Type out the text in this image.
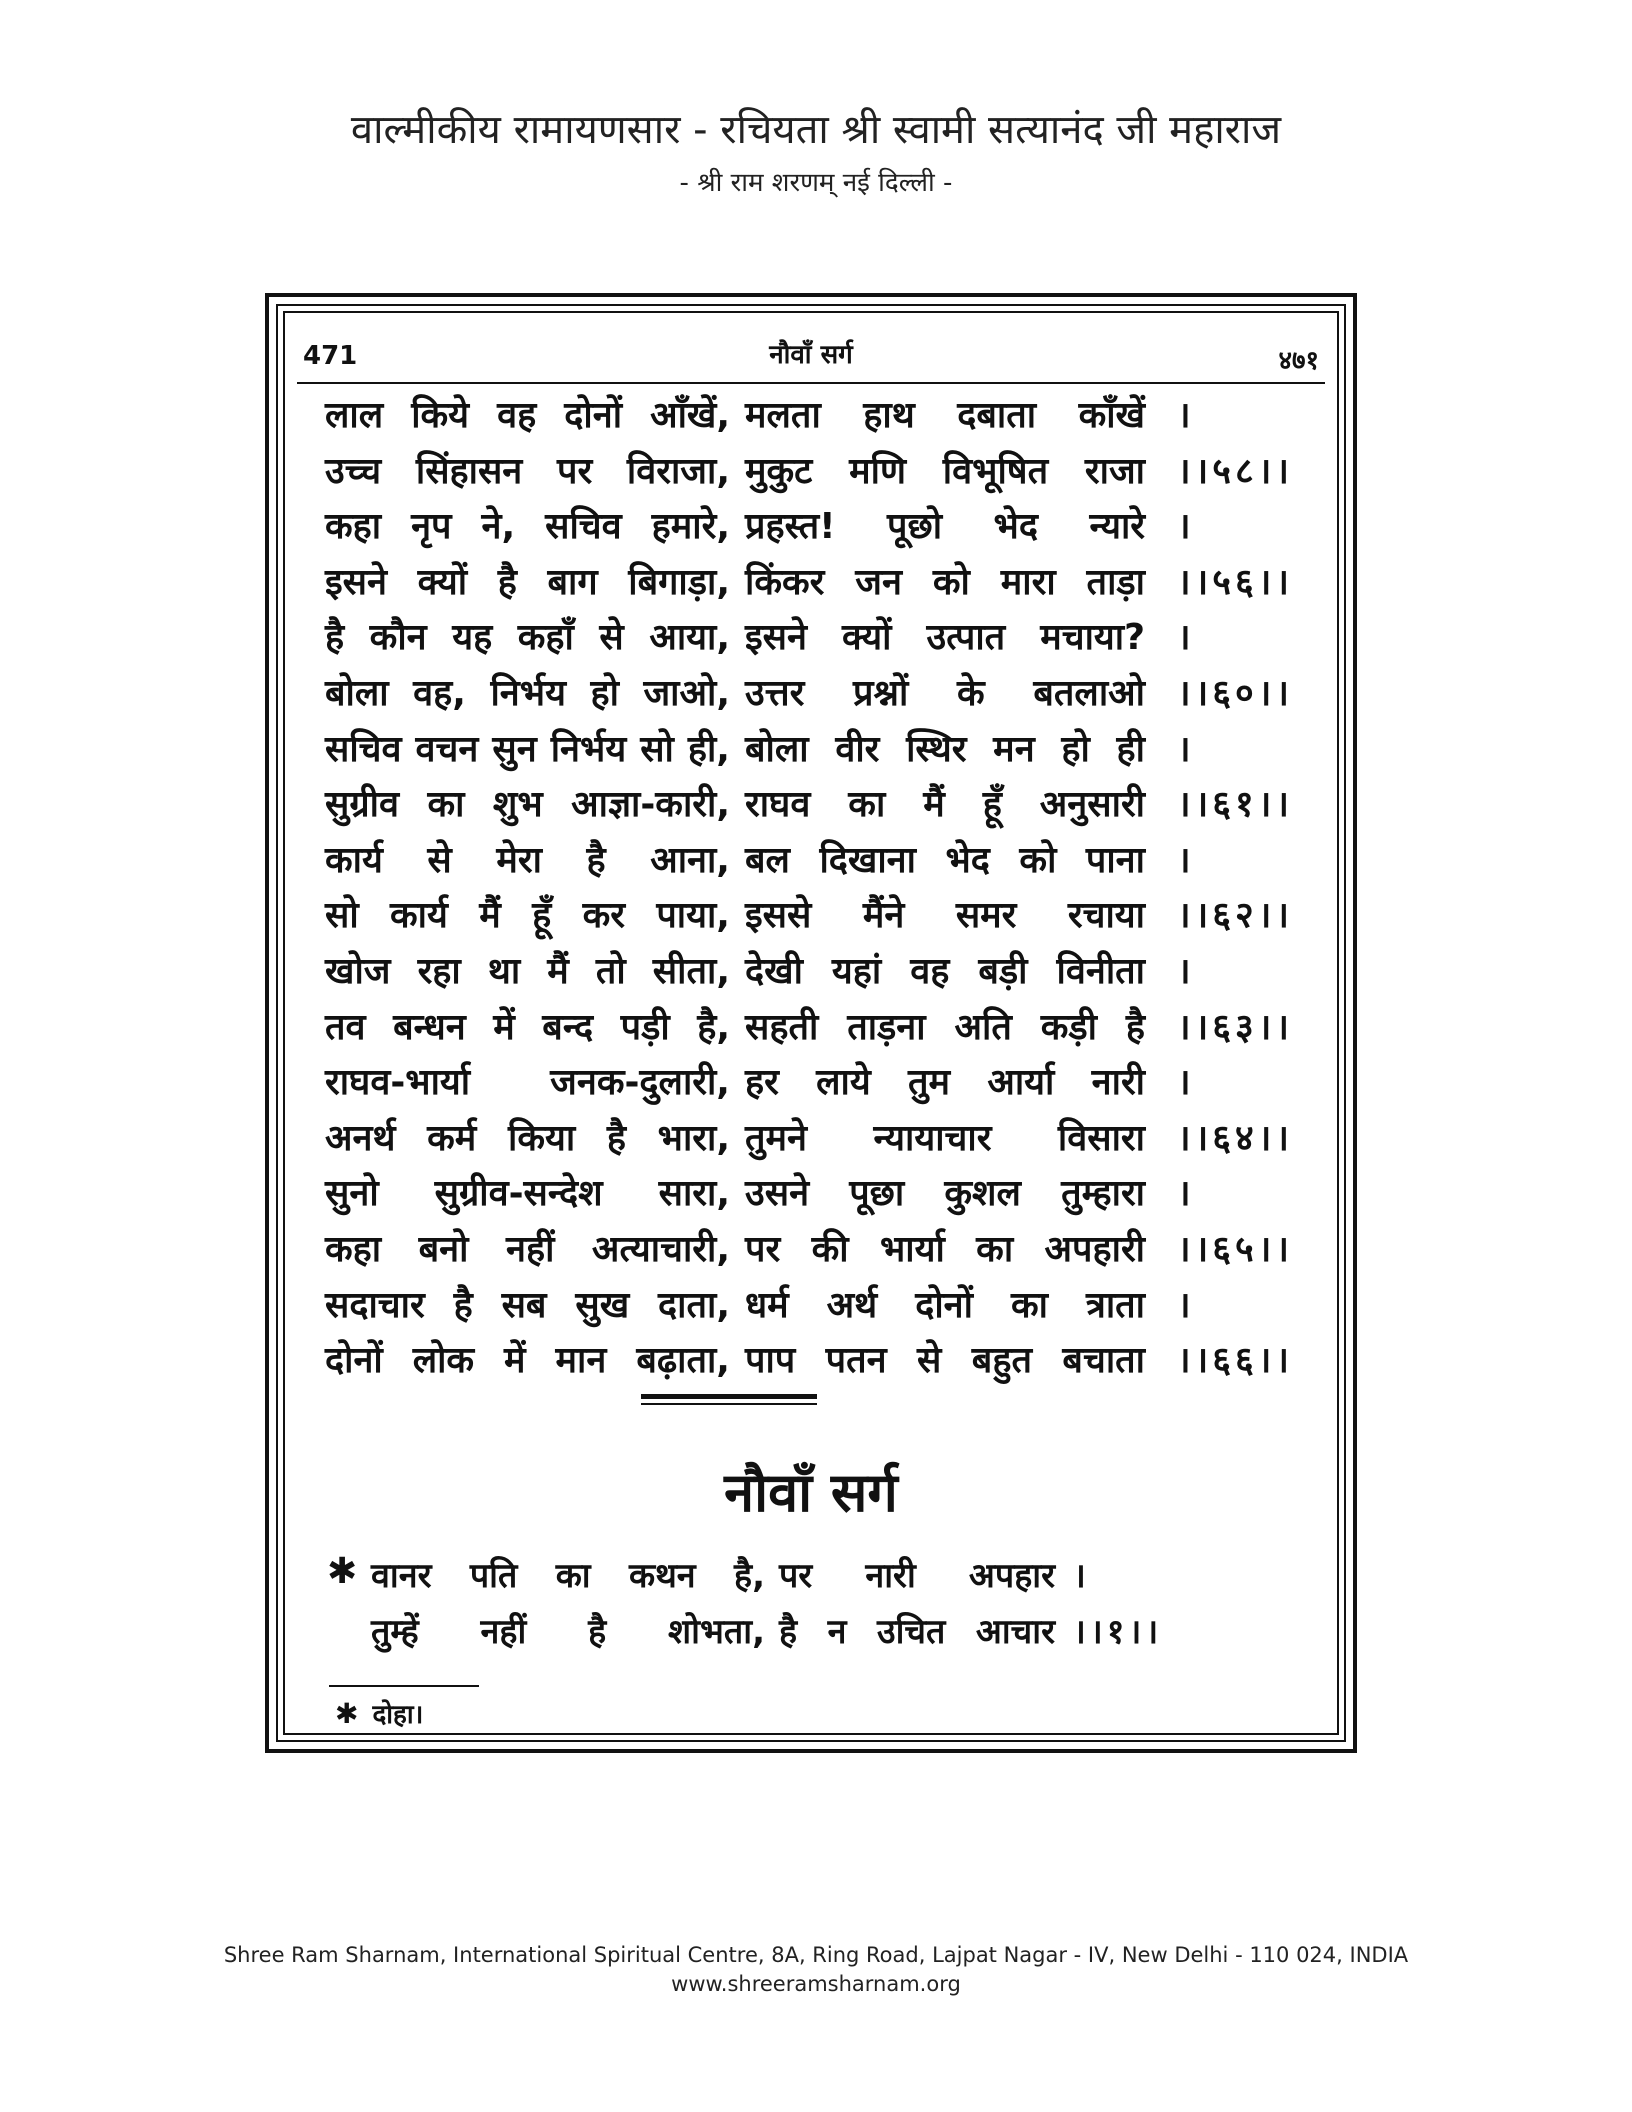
वाल्मीकीय रामायणसार - रचियता श्री स्वामी सत्यानंद जी महाराज
- श्री राम शरणम् नई दिल्ली -
471	नौवाँ सर्ग	४७१
लाल किये वह दोनों आँखें, मलता हाथ दबाता काँखें ।
उच्च सिंहासन पर विराजा, मुकुट मणि विभूषित राजा ।।५८।।
कहा नृप ने, सचिव हमारे, प्रहस्त! पूछो भेद न्यारे ।
इसने क्यों है बाग बिगाड़ा, किंकर जन को मारा ताड़ा ।।५६।।
है कौन यह कहाँ से आया, इसने क्यों उत्पात मचाया? ।
बोला वह, निर्भय हो जाओ, उत्तर प्रश्नों के बतलाओ ।।६०।।
सचिव वचन सुन निर्भय सो ही, बोला वीर स्थिर मन हो ही ।
सुग्रीव का शुभ आज्ञा-कारी, राघव का मैं हूँ अनुसारी ।।६१।।
कार्य से मेरा है आना, बल दिखाना भेद को पाना ।
सो कार्य मैं हूँ कर पाया, इससे मैंने समर रचाया ।।६२।।
खोज रहा था मैं तो सीता, देखी यहां वह बड़ी विनीता ।
तव बन्धन में बन्द पड़ी है, सहती ताड़ना अति कड़ी है ।।६३।।
राघव-भार्या जनक-दुलारी, हर लाये तुम आर्या नारी ।
अनर्थ कर्म किया है भारा, तुमने न्यायाचार विसारा ।।६४।।
सुनो सुग्रीव-सन्देश सारा, उसने पूछा कुशल तुम्हारा ।
कहा बनो नहीं अत्याचारी, पर की भार्या का अपहारी ।।६५।।
सदाचार है सब सुख दाता, धर्म अर्थ दोनों का त्राता ।
दोनों लोक में मान बढ़ाता, पाप पतन से बहुत बचाता ।।६६।।
नौवाँ सर्ग
✱ वानर पति का कथन है, पर नारी अपहार ।
तुम्हें नहीं है शोभता, है न उचित आचार ।।१।।
✱ दोहा।
Shree Ram Sharnam, International Spiritual Centre, 8A, Ring Road, Lajpat Nagar - IV, New Delhi - 110 024, INDIA
www.shreeramsharnam.org
